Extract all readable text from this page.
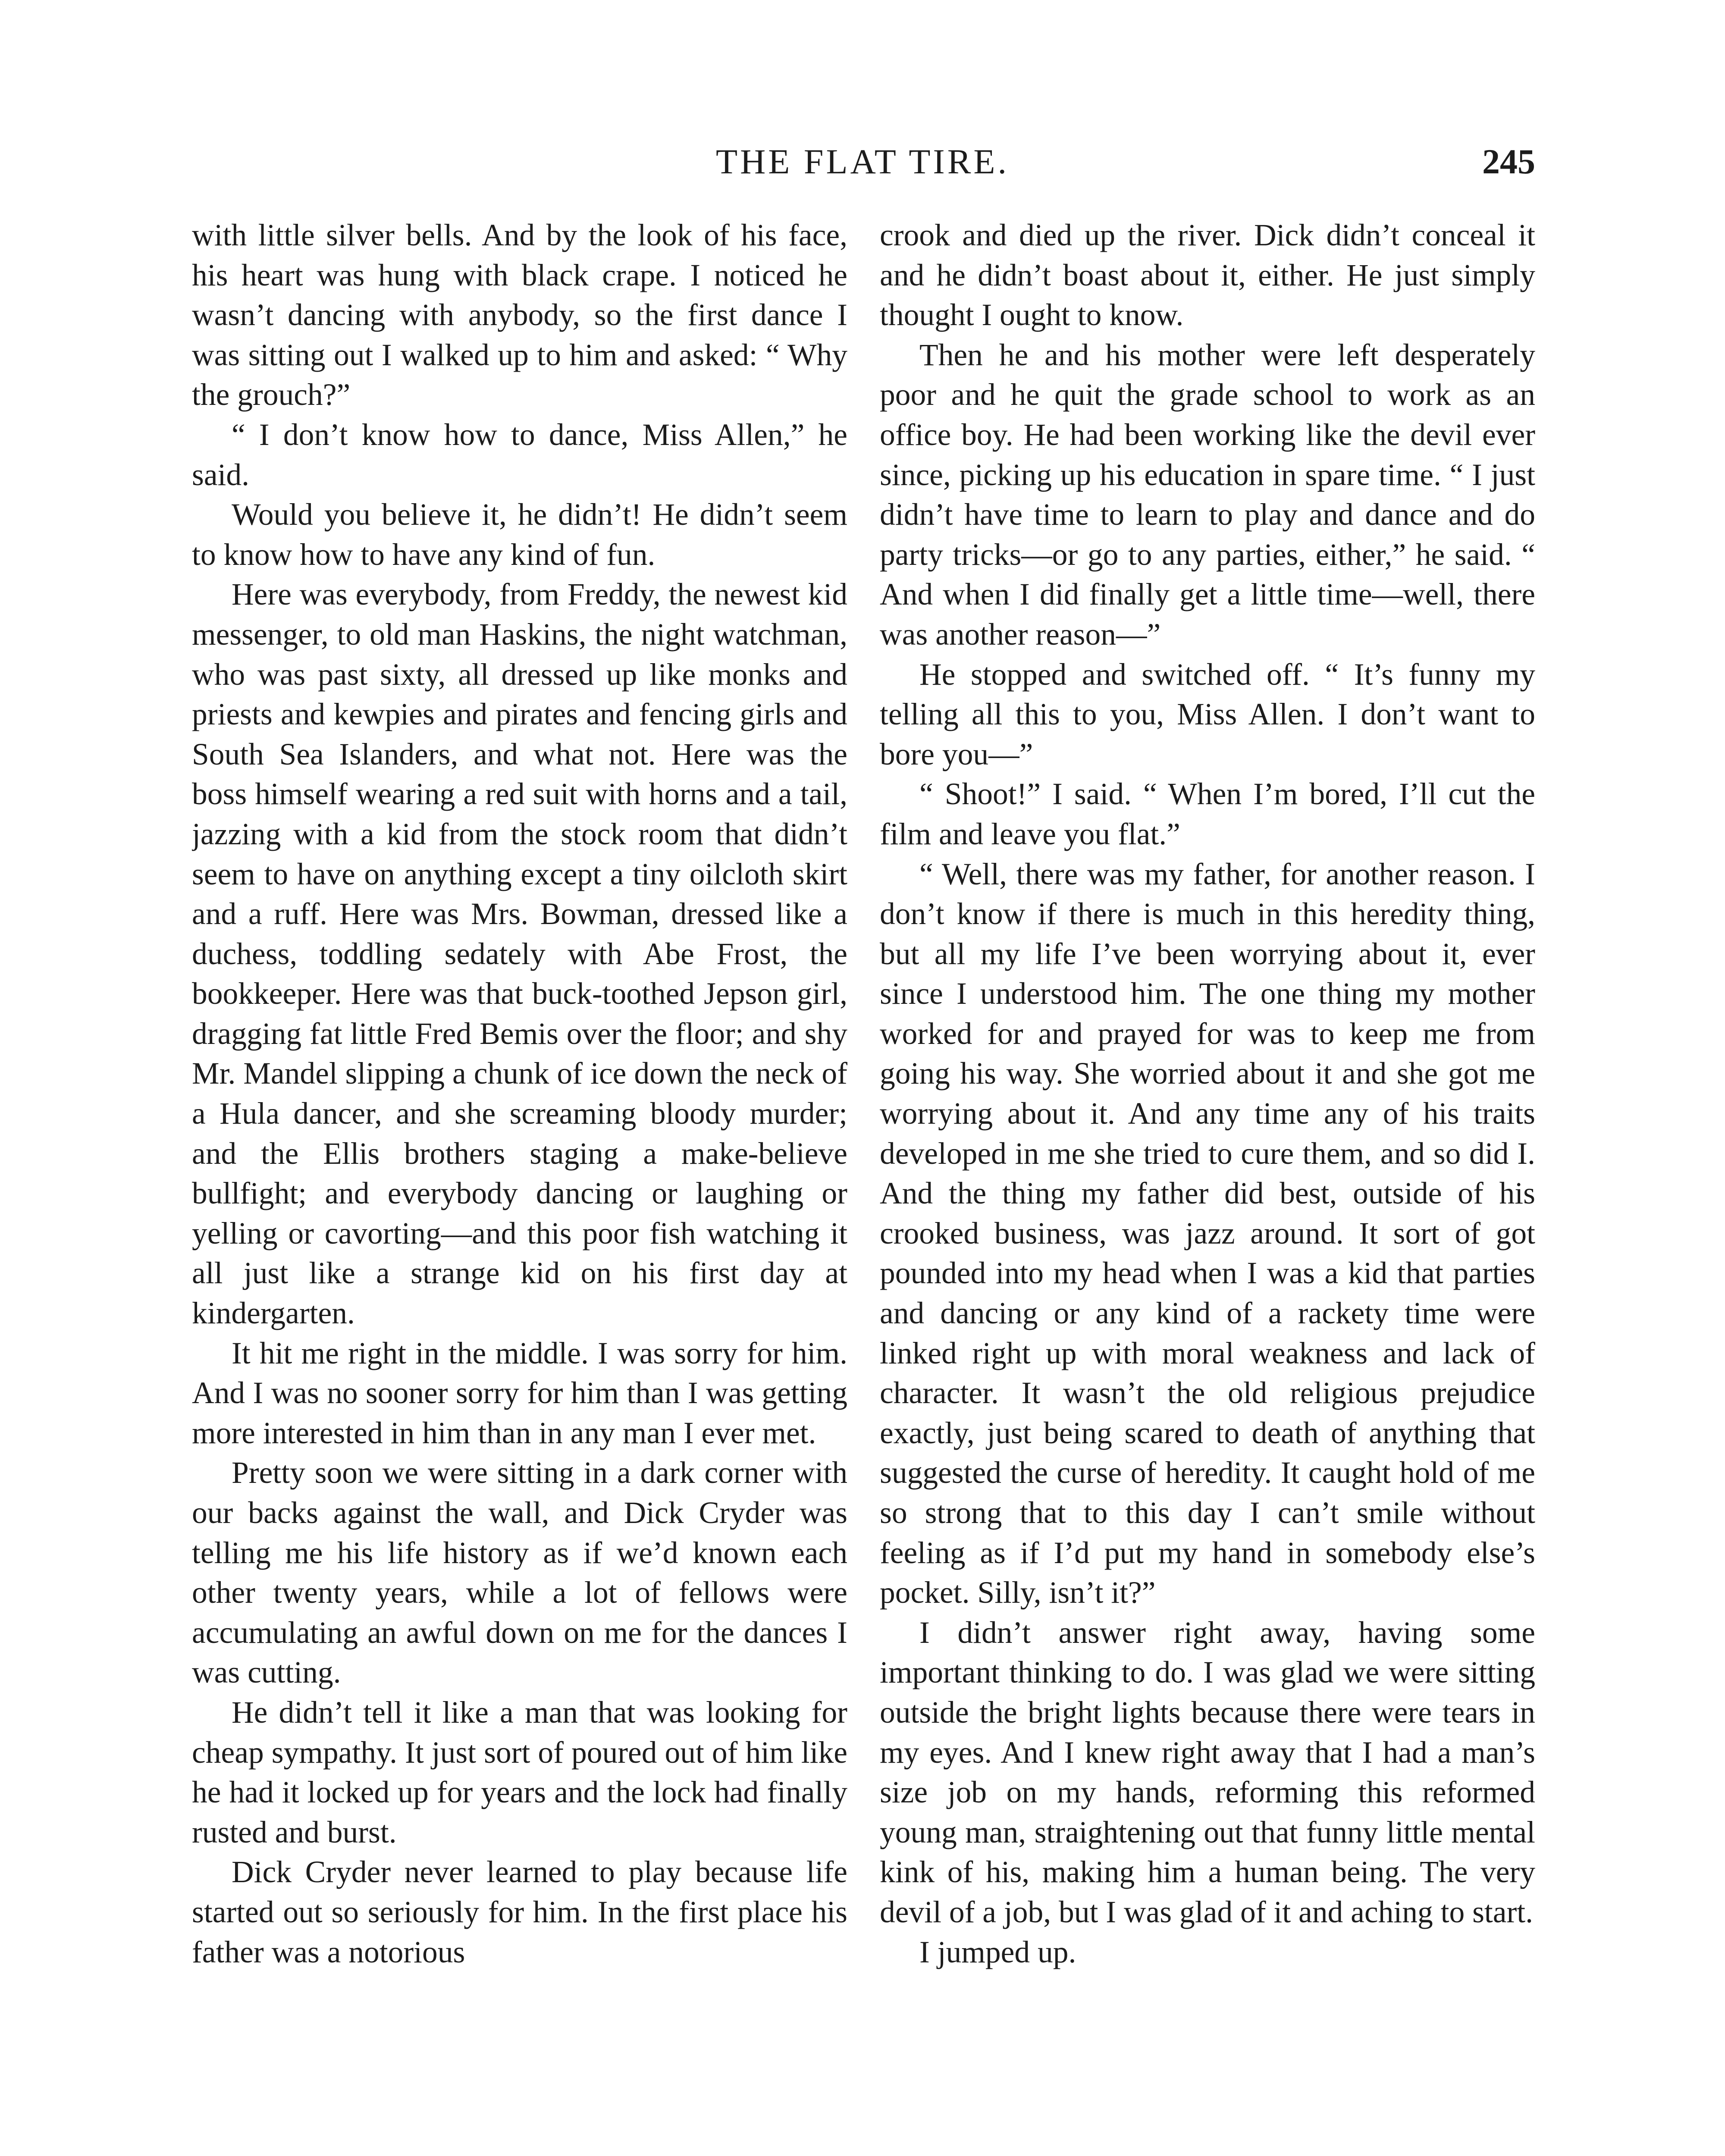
THE FLAT TIRE.	245

with little silver bells. And by the look of his face, his heart was hung with black crape. I noticed he wasn’t dancing with anybody, so the first dance I was sitting out I walked up to him and asked: “ Why the grouch?”

“ I don’t know how to dance, Miss Allen,” he said.

Would you believe it, he didn’t! He didn’t seem to know how to have any kind of fun.

Here was everybody, from Freddy, the newest kid messenger, to old man Haskins, the night watchman, who was past sixty, all dressed up like monks and priests and kewpies and pirates and fencing girls and South Sea Islanders, and what not. Here was the boss himself wearing a red suit with horns and a tail, jazzing with a kid from the stock room that didn’t seem to have on anything except a tiny oilcloth skirt and a ruff. Here was Mrs. Bowman, dressed like a duchess, toddling sedately with Abe Frost, the bookkeeper. Here was that buck-toothed Jepson girl, dragging fat little Fred Bemis over the floor; and shy Mr. Mandel slipping a chunk of ice down the neck of a Hula dancer, and she screaming bloody murder; and the Ellis brothers staging a make-believe bullfight; and everybody dancing or laughing or yelling or cavorting—and this poor fish watching it all just like a strange kid on his first day at kindergarten.

It hit me right in the middle. I was sorry for him. And I was no sooner sorry for him than I was getting more interested in him than in any man I ever met.

Pretty soon we were sitting in a dark corner with our backs against the wall, and Dick Cryder was telling me his life history as if we’d known each other twenty years, while a lot of fellows were accumulating an awful down on me for the dances I was cutting.

He didn’t tell it like a man that was looking for cheap sympathy. It just sort of poured out of him like he had it locked up for years and the lock had finally rusted and burst.

Dick Cryder never learned to play because life started out so seriously for him. In the first place his father was a notorious

crook and died up the river. Dick didn’t conceal it and he didn’t boast about it, either. He just simply thought I ought to know.

Then he and his mother were left desperately poor and he quit the grade school to work as an office boy. He had been working like the devil ever since, picking up his education in spare time. “ I just didn’t have time to learn to play and dance and do party tricks—or go to any parties, either,” he said. “ And when I did finally get a little time—well, there was another reason—”

He stopped and switched off. “ It’s funny my telling all this to you, Miss Allen. I don’t want to bore you—”

“ Shoot!” I said. “ When I’m bored, I’ll cut the film and leave you flat.”

“ Well, there was my father, for another reason. I don’t know if there is much in this heredity thing, but all my life I’ve been worrying about it, ever since I understood him. The one thing my mother worked for and prayed for was to keep me from going his way. She worried about it and she got me worrying about it. And any time any of his traits developed in me she tried to cure them, and so did I. And the thing my father did best, outside of his crooked business, was jazz around. It sort of got pounded into my head when I was a kid that parties and dancing or any kind of a rackety time were linked right up with moral weakness and lack of character. It wasn’t the old religious prejudice exactly, just being scared to death of anything that suggested the curse of heredity. It caught hold of me so strong that to this day I can’t smile without feeling as if I’d put my hand in somebody else’s pocket. Silly, isn’t it?”

I didn’t answer right away, having some important thinking to do. I was glad we were sitting outside the bright lights because there were tears in my eyes. And I knew right away that I had a man’s size job on my hands, reforming this reformed young man, straightening out that funny little mental kink of his, making him a human being. The very devil of a job, but I was glad of it and aching to start.

I jumped up.
